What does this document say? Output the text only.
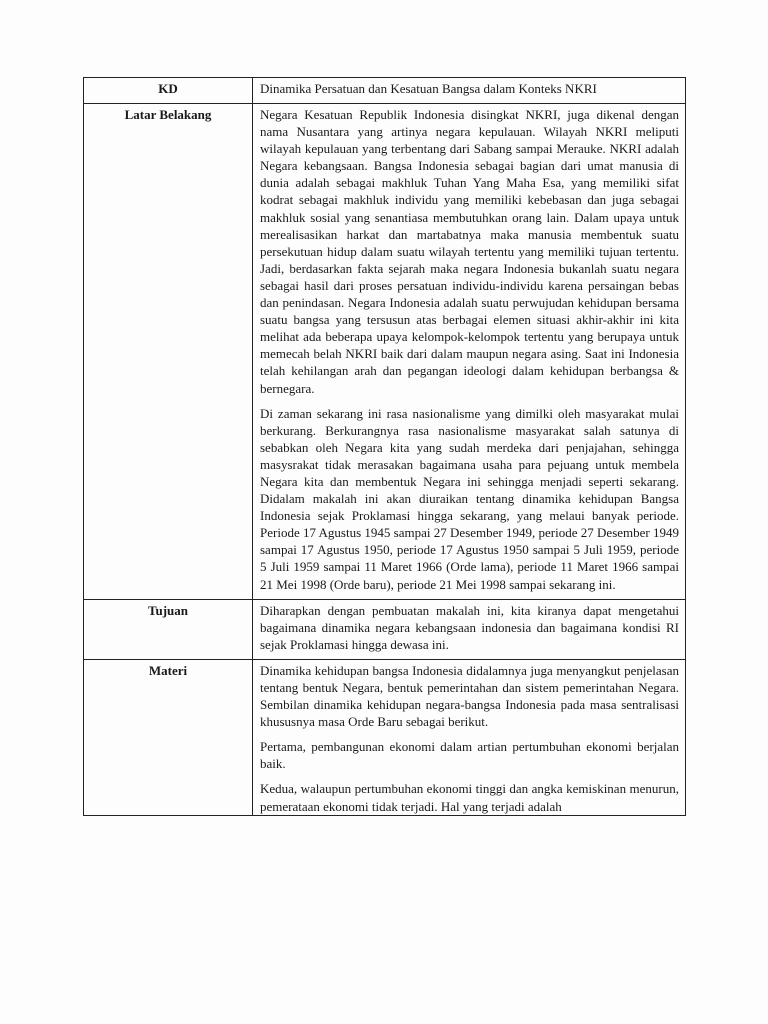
KD	Dinamika Persatuan dan Kesatuan Bangsa dalam Konteks NKRI

Latar Belakang	Negara Kesatuan Republik Indonesia disingkat NKRI, juga dikenal dengan nama Nusantara yang artinya negara kepulauan. Wilayah NKRI meliputi wilayah kepulauan yang terbentang dari Sabang sampai Merauke. NKRI adalah Negara kebangsaan. Bangsa Indonesia sebagai bagian dari umat manusia di dunia adalah sebagai makhluk Tuhan Yang Maha Esa, yang memiliki sifat kodrat sebagai makhluk individu yang memiliki kebebasan dan juga sebagai makhluk sosial yang senantiasa membutuhkan orang lain. Dalam upaya untuk merealisasikan harkat dan martabatnya maka manusia membentuk suatu persekutuan hidup dalam suatu wilayah tertentu yang memiliki tujuan tertentu. Jadi, berdasarkan fakta sejarah maka negara Indonesia bukanlah suatu negara sebagai hasil dari proses persatuan individu-individu karena persaingan bebas dan penindasan. Negara Indonesia adalah suatu perwujudan kehidupan bersama suatu bangsa yang tersusun atas berbagai elemen situasi akhir-akhir ini kita melihat ada beberapa upaya kelompok-kelompok tertentu yang berupaya untuk memecah belah NKRI baik dari dalam maupun negara asing. Saat ini Indonesia telah kehilangan arah dan pegangan ideologi dalam kehidupan berbangsa & bernegara.

Di zaman sekarang ini rasa nasionalisme yang dimilki oleh masyarakat mulai berkurang. Berkurangnya rasa nasionalisme masyarakat salah satunya di sebabkan oleh Negara kita yang sudah merdeka dari penjajahan, sehingga masysrakat tidak merasakan bagaimana usaha para pejuang untuk membela Negara kita dan membentuk Negara ini sehingga menjadi seperti sekarang. Didalam makalah ini akan diuraikan tentang dinamika kehidupan Bangsa Indonesia sejak Proklamasi hingga sekarang, yang melaui banyak periode. Periode 17 Agustus 1945 sampai 27 Desember 1949, periode 27 Desember 1949 sampai 17 Agustus 1950, periode 17 Agustus 1950 sampai 5 Juli 1959, periode 5 Juli 1959 sampai 11 Maret 1966 (Orde lama), periode 11 Maret 1966 sampai 21 Mei 1998 (Orde baru), periode 21 Mei 1998 sampai sekarang ini.

Tujuan	Diharapkan dengan pembuatan makalah ini, kita kiranya dapat mengetahui bagaimana dinamika negara kebangsaan indonesia dan bagaimana kondisi RI sejak Proklamasi hingga dewasa ini.

Materi	Dinamika kehidupan bangsa Indonesia didalamnya juga menyangkut penjelasan tentang bentuk Negara, bentuk pemerintahan dan sistem pemerintahan Negara. Sembilan dinamika kehidupan negara-bangsa Indonesia pada masa sentralisasi khususnya masa Orde Baru sebagai berikut.

Pertama, pembangunan ekonomi dalam artian pertumbuhan ekonomi berjalan baik.

Kedua, walaupun pertumbuhan ekonomi tinggi dan angka kemiskinan menurun, pemerataan ekonomi tidak terjadi. Hal yang terjadi adalah
